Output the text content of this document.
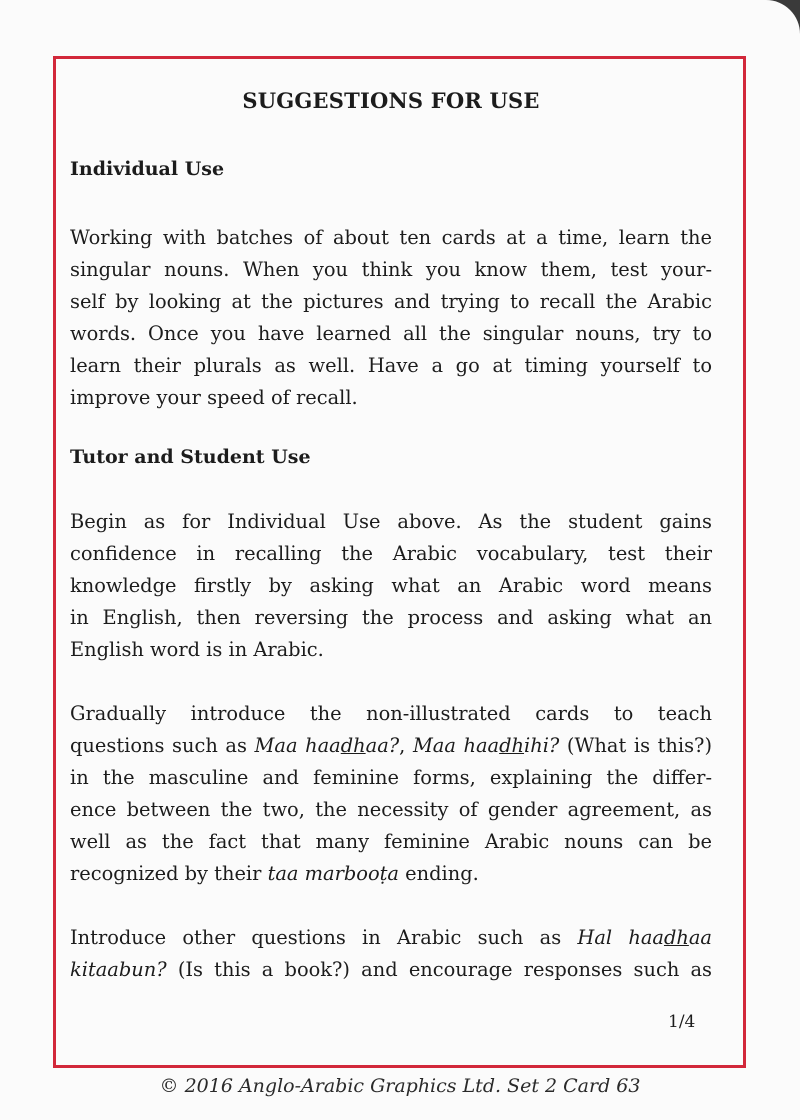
SUGGESTIONS FOR USE
Individual Use
Working with batches of about ten cards at a time, learn the
singular nouns. When you think you know them, test your-
self by looking at the pictures and trying to recall the Arabic
words. Once you have learned all the singular nouns, try to
learn their plurals as well. Have a go at timing yourself to
improve your speed of recall.
Tutor and Student Use
Begin as for Individual Use above. As the student gains
confidence in recalling the Arabic vocabulary, test their
knowledge firstly by asking what an Arabic word means
in English, then reversing the process and asking what an
English word is in Arabic.
Gradually introduce the non-illustrated cards to teach
questions such as Maa haadhaa?, Maa haadhihi? (What is this?)
in the masculine and feminine forms, explaining the differ-
ence between the two, the necessity of gender agreement, as
well as the fact that many feminine Arabic nouns can be
recognized by their taa marbooṭa ending.
Introduce other questions in Arabic such as Hal haadhaa
kitaabun? (Is this a book?) and encourage responses such as
1/4
© 2016 Anglo-Arabic Graphics Ltd. Set 2 Card 63
